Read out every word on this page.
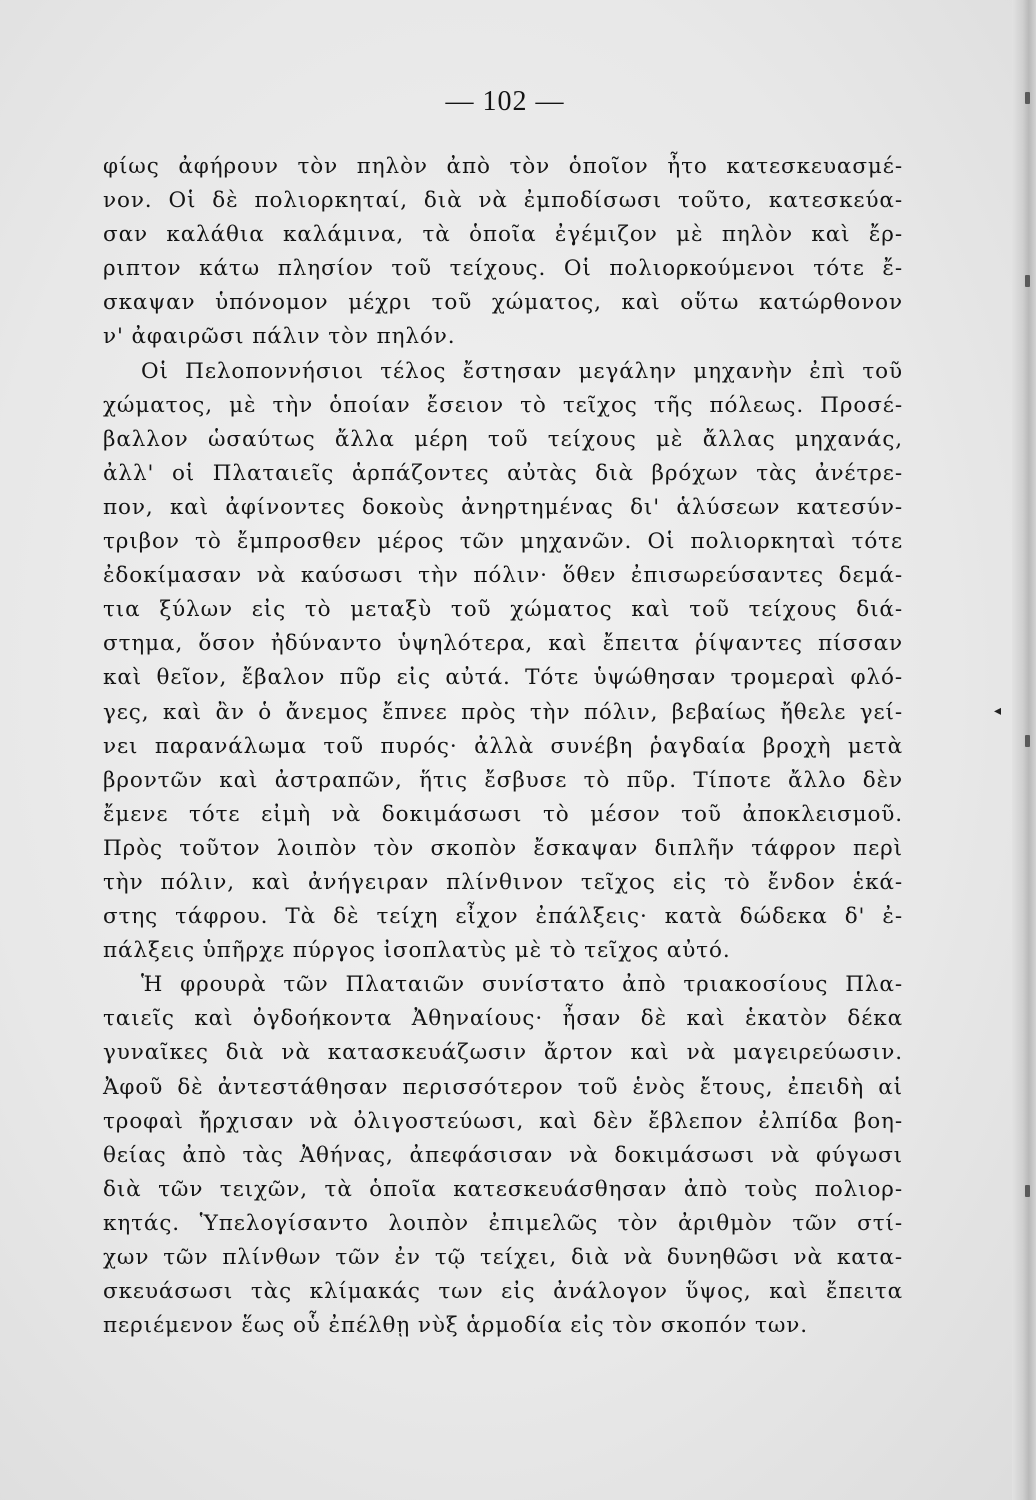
— 102 —
◂

φίως ἀφήρουν τὸν πηλὸν ἀπὸ τὸν ὁποῖον ἦτο κατεσκευασμέ-
νον. Οἱ δὲ πολιορκηταί, διὰ νὰ ἐμποδίσωσι τοῦτο, κατεσκεύα-
σαν καλάθια καλάμινα, τὰ ὁποῖα ἐγέμιζον μὲ πηλὸν καὶ ἔρ-
ριπτον κάτω πλησίον τοῦ τείχους. Οἱ πολιορκούμενοι τότε ἔ-
σκαψαν ὑπόνομον μέχρι τοῦ χώματος, καὶ οὕτω κατώρθονον
ν' ἀφαιρῶσι πάλιν τὸν πηλόν.

Οἱ Πελοποννήσιοι τέλος ἔστησαν μεγάλην μηχανὴν ἐπὶ τοῦ
χώματος, μὲ τὴν ὁποίαν ἔσειον τὸ τεῖχος τῆς πόλεως. Προσέ-
βαλλον ὡσαύτως ἄλλα μέρη τοῦ τείχους μὲ ἄλλας μηχανάς,
ἀλλ' οἱ Πλαταιεῖς ἁρπάζοντες αὐτὰς διὰ βρόχων τὰς ἀνέτρε-
πον, καὶ ἀφίνοντες δοκοὺς ἀνηρτημένας δι' ἁλύσεων κατεσύν-
τριβον τὸ ἔμπροσθεν μέρος τῶν μηχανῶν. Οἱ πολιορκηταὶ τότε
ἐδοκίμασαν νὰ καύσωσι τὴν πόλιν· ὅθεν ἐπισωρεύσαντες δεμά-
τια ξύλων εἰς τὸ μεταξὺ τοῦ χώματος καὶ τοῦ τείχους διά-
στημα, ὅσον ἠδύναντο ὑψηλότερα, καὶ ἔπειτα ῥίψαντες πίσσαν
καὶ θεῖον, ἔβαλον πῦρ εἰς αὐτά. Τότε ὑψώθησαν τρομεραὶ φλό-
γες, καὶ ἂν ὁ ἄνεμος ἔπνεε πρὸς τὴν πόλιν, βεβαίως ἤθελε γεί-
νει παρανάλωμα τοῦ πυρός· ἀλλὰ συνέβη ῥαγδαία βροχὴ μετὰ
βροντῶν καὶ ἀστραπῶν, ἥτις ἔσβυσε τὸ πῦρ. Τίποτε ἄλλο δὲν
ἔμενε τότε εἰμὴ νὰ δοκιμάσωσι τὸ μέσον τοῦ ἀποκλεισμοῦ.
Πρὸς τοῦτον λοιπὸν τὸν σκοπὸν ἔσκαψαν διπλῆν τάφρον περὶ
τὴν πόλιν, καὶ ἀνήγειραν πλίνθινον τεῖχος εἰς τὸ ἔνδον ἑκά-
στης τάφρου. Τὰ δὲ τείχη εἶχον ἐπάλξεις· κατὰ δώδεκα δ' ἐ-
πάλξεις ὑπῆρχε πύργος ἰσοπλατὺς μὲ τὸ τεῖχος αὐτό.

Ἡ φρουρὰ τῶν Πλαταιῶν συνίστατο ἀπὸ τριακοσίους Πλα-
ταιεῖς καὶ ὀγδοήκοντα Ἀθηναίους· ἦσαν δὲ καὶ ἑκατὸν δέκα
γυναῖκες διὰ νὰ κατασκευάζωσιν ἄρτον καὶ νὰ μαγειρεύωσιν.
Ἀφοῦ δὲ ἀντεστάθησαν περισσότερον τοῦ ἑνὸς ἔτους, ἐπειδὴ αἱ
τροφαὶ ἤρχισαν νὰ ὀλιγοστεύωσι, καὶ δὲν ἔβλεπον ἐλπίδα βοη-
θείας ἀπὸ τὰς Ἀθήνας, ἀπεφάσισαν νὰ δοκιμάσωσι νὰ φύγωσι
διὰ τῶν τειχῶν, τὰ ὁποῖα κατεσκευάσθησαν ἀπὸ τοὺς πολιορ-
κητάς. Ὑπελογίσαντο λοιπὸν ἐπιμελῶς τὸν ἀριθμὸν τῶν στί-
χων τῶν πλίνθων τῶν ἐν τῷ τείχει, διὰ νὰ δυνηθῶσι νὰ κατα-
σκευάσωσι τὰς κλίμακάς των εἰς ἀνάλογον ὕψος, καὶ ἔπειτα
περιέμενον ἕως οὗ ἐπέλθῃ νὺξ ἁρμοδία εἰς τὸν σκοπόν των.
